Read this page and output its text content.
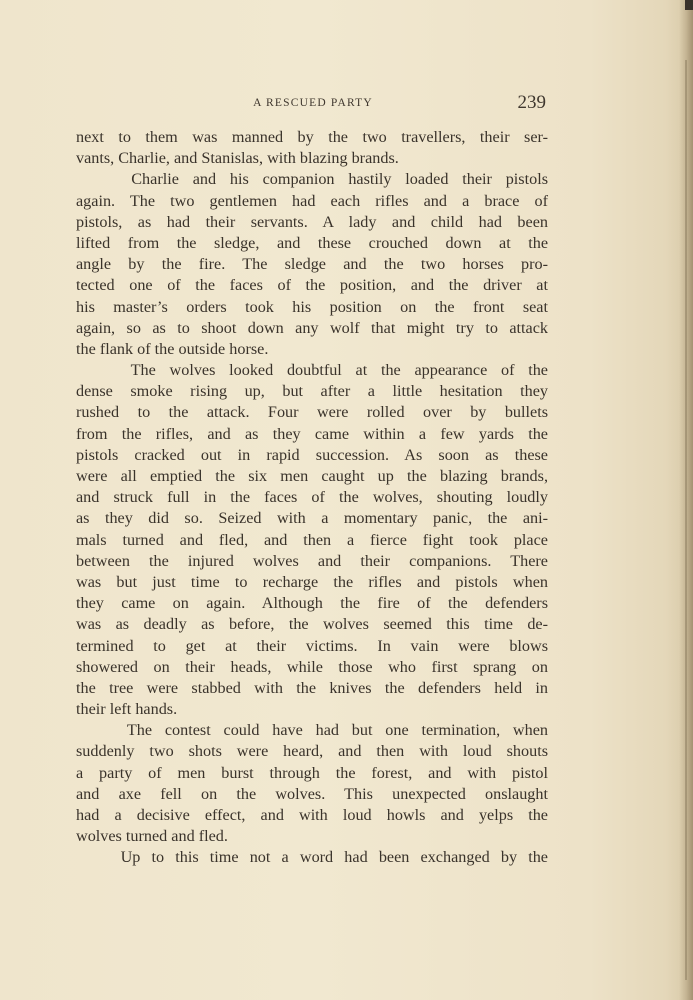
A RESCUED PARTY	239
next to them was manned by the two travellers, their ser-
vants, Charlie, and Stanislas, with blazing brands.
Charlie and his companion hastily loaded their pistols
again. The two gentlemen had each rifles and a brace of
pistols, as had their servants. A lady and child had been
lifted from the sledge, and these crouched down at the
angle by the fire. The sledge and the two horses pro-
tected one of the faces of the position, and the driver at
his master’s orders took his position on the front seat
again, so as to shoot down any wolf that might try to attack
the flank of the outside horse.
The wolves looked doubtful at the appearance of the
dense smoke rising up, but after a little hesitation they
rushed to the attack. Four were rolled over by bullets
from the rifles, and as they came within a few yards the
pistols cracked out in rapid succession. As soon as these
were all emptied the six men caught up the blazing brands,
and struck full in the faces of the wolves, shouting loudly
as they did so. Seized with a momentary panic, the ani-
mals turned and fled, and then a fierce fight took place
between the injured wolves and their companions. There
was but just time to recharge the rifles and pistols when
they came on again. Although the fire of the defenders
was as deadly as before, the wolves seemed this time de-
termined to get at their victims. In vain were blows
showered on their heads, while those who first sprang on
the tree were stabbed with the knives the defenders held in
their left hands.
The contest could have had but one termination, when
suddenly two shots were heard, and then with loud shouts
a party of men burst through the forest, and with pistol
and axe fell on the wolves. This unexpected onslaught
had a decisive effect, and with loud howls and yelps the
wolves turned and fled.
Up to this time not a word had been exchanged by the
